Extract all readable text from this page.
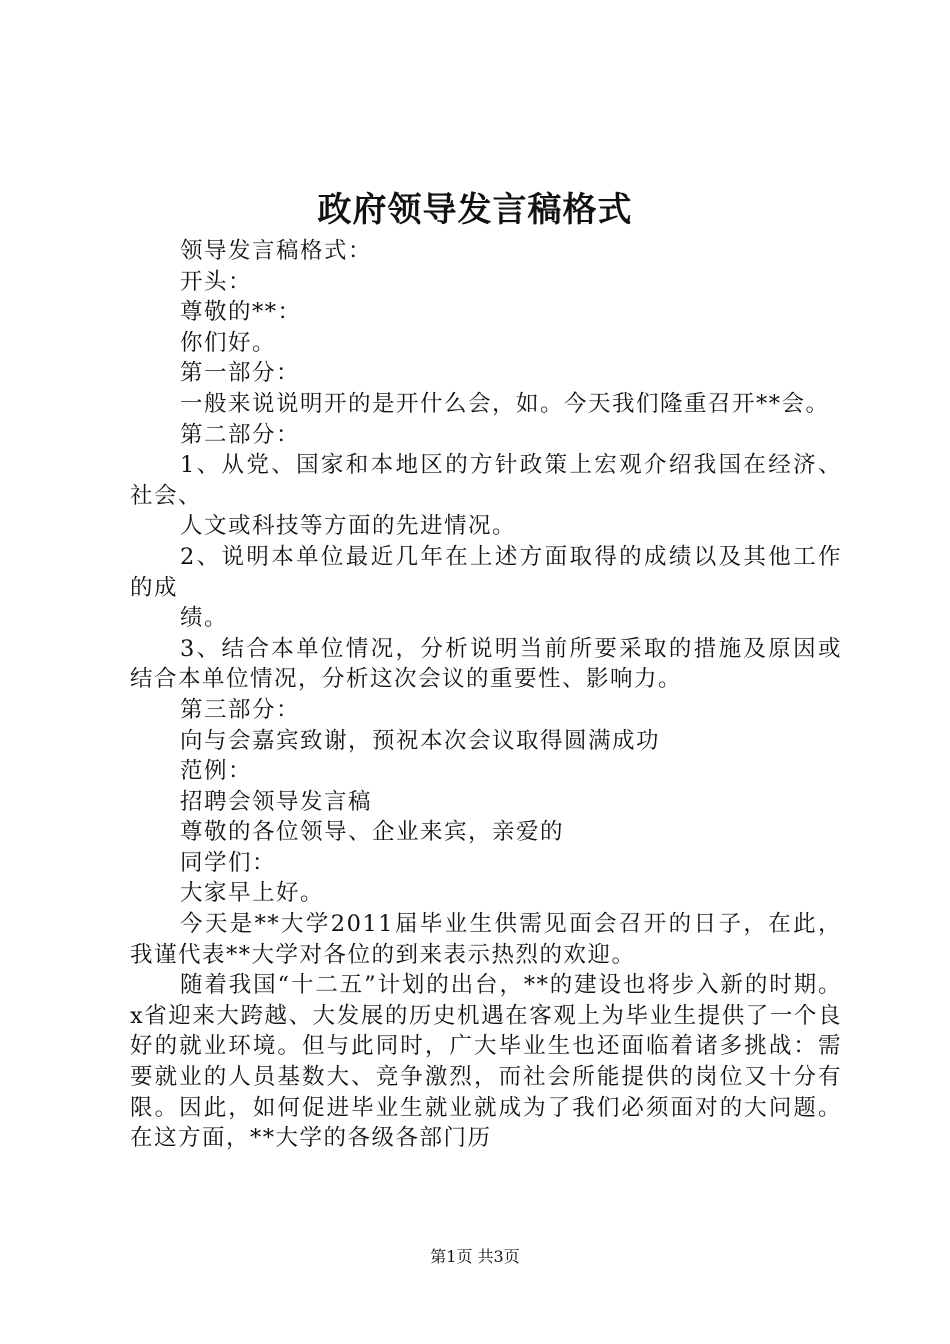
政府领导发言稿格式

领导发言稿格式：

开头：

尊敬的**：

你们好。

第一部分：

一般来说说明开的是开什么会，如。今天我们隆重召开**会。

第二部分：

1、从党、国家和本地区的方针政策上宏观介绍我国在经济、社会、

人文或科技等方面的先进情况。

2、说明本单位最近几年在上述方面取得的成绩以及其他工作的成

绩。

3、结合本单位情况，分析说明当前所要采取的措施及原因或结合本单位情况，分析这次会议的重要性、影响力。

第三部分：

向与会嘉宾致谢，预祝本次会议取得圆满成功

范例：

招聘会领导发言稿

尊敬的各位领导、企业来宾，亲爱的

同学们：

大家早上好。

今天是**大学2011届毕业生供需见面会召开的日子，在此，我谨代表**大学对各位的到来表示热烈的欢迎。

随着我国“十二五”计划的出台，**的建设也将步入新的时期。x省迎来大跨越、大发展的历史机遇在客观上为毕业生提供了一个良好的就业环境。但与此同时，广大毕业生也还面临着诸多挑战：需要就业的人员基数大、竞争激烈，而社会所能提供的岗位又十分有限。因此，如何促进毕业生就业就成为了我们必须面对的大问题。在这方面，**大学的各级各部门历

第1页 共3页
